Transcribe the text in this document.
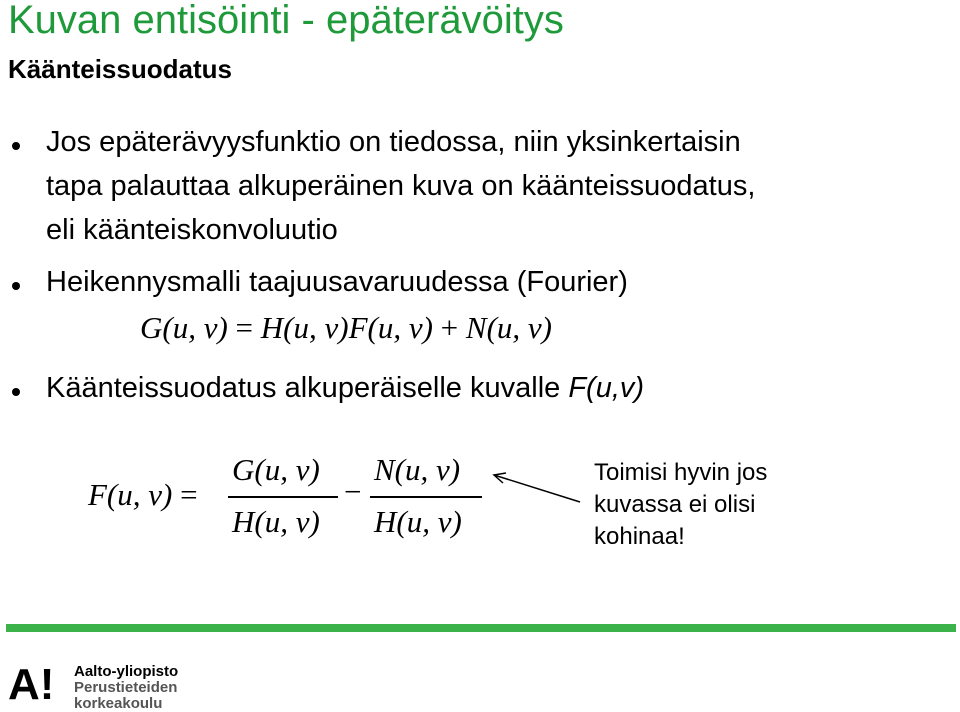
Kuvan entisöinti - epäterävöitys
Käänteissuodatus
Jos epäterävyysfunktio on tiedossa, niin yksinkertaisin
tapa palauttaa alkuperäinen kuva on käänteissuodatus,
eli käänteiskonvoluutio
Heikennysmalli taajuusavaruudessa (Fourier)
G(u, v) = H(u, v)F(u, v) + N(u, v)
Käänteissuodatus alkuperäiselle kuvalle F(u,v)
F(u, v) =
G(u, v)
H(u, v)
−
N(u, v)
H(u, v)
Toimisi hyvin jos
kuvassa ei olisi
kohinaa!
A! Aalto-yliopisto
Perustieteiden
korkeakoulu
